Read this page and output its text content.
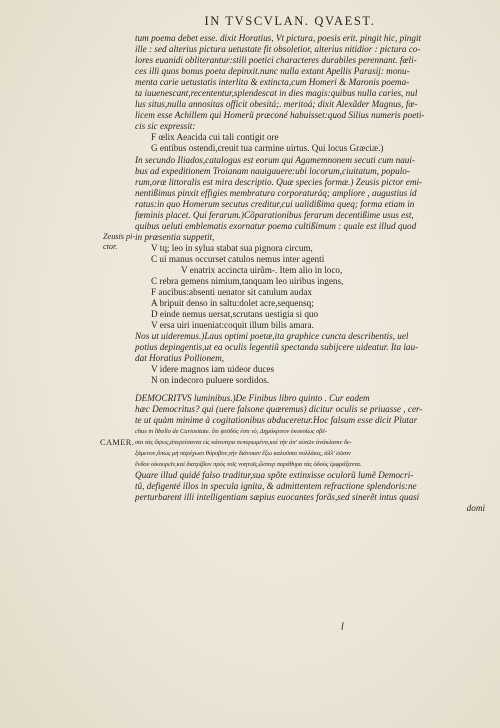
IN TVSCVLAN. QVAEST.
Zeusis pi-
ctor.
CAMER.
tum poema debet esse. dixit Horatius, Vt pictura, poesis erit. pingit hic, pingit
ille : sed alterius pictura uetustate fit obsoletior, alterius nitidior : pictura co-
lores euanidi obliterantur:stili poetici characteres durabiles perennant. fœli-
ces illi quos bonus poeta depinxit.nunc nulla extant Apellis Parasij: monu-
menta carie uetustatis interlita & extincta,cum Homeri & Maronis poema-
ta iuuenescant,recententur,splendescat in dies magis:quibus nulla caries, nul
lus situs,nulla annositas officit obesitá;. meritoá; dixit Alexãder Magnus, fœ-
licem esse Achillem qui Homerũ præconé habuisset:quod Silius numeris poeti-
cis sic expressit:
F œlix Aeacida cui tali contigit ore
G entibus ostendi,creuit tua carmine uirtus. Qui locus Græciæ.)
In secundo Iliados,catalogus est eorum qui Agamemnonem secuti cum naui-
bus ad expeditionem Troianam nauigauere:ubi locorum,ciuitatum, populo-
rum,oræ littoralis est mira descriptio. Quæ species formæ.) Zeusis pictor emi-
nentißimus pinxit effigies membratura corporaturáq; ampliore , augustius id
ratus:in quo Homerum secutus creditur,cui ualidißima queq; forma etiam in
fœminis placet. Qui ferarum.)Cõparationibus ferarum decentißime usus est,
quibus ueluti emblematis exornatur poema cultißimum : quale est illud quod
in præsentia suppetit,
V tq; leo in sylua stabat sua pignora circum,
C ui manus occurset catulos nemus inter agenti
V enatrix accincta uirũm-. Item alio in loco,
C rebra gemens nimium,tanquam leo uiribus ingens,
F aucibus:absenti uenator sit catulum audax
A bripuit denso in saltu:dolet acre,sequensq;
D einde nemus uersat,scrutans uestigia si quo
V ersa uiri inueniat:coquit illum bilis amara.
Nos ut uideremus.)Laus optimi poetæ,ita graphice cuncta describentis, uel
potius depingentis,ut ea oculis legentiũ spectanda subijcere uideatur. Ita lau-
dat Horatius Pollionem,
V idere magnos iam uideor duces
N on indecoro puluere sordidos.
DEMOCRITVS luminibus.)De Finibus libro quinto . Cur eadem
hæc Democritus? qui (uere falsone quæremus) dicitur oculis se priuasse , cer-
te ut quàm minime à cogitationibus abduceretur.Hoc falsum esse dicit Plutar
chus in libello de Curiositate. ὅτι ψεῦδός ἐστι τὸ, Δημόκριτον ἑκουσίως σβέ-
σαι τὰς ὄψεις,ἀπερείσαντα εἰς κάτοπτρα πεπυρωμένα,καὶ τὴν ἀπ' αὐτῶν ἀνάκλασιν δε-
ξάμενον,ὅπως μὴ παρέχωσι θόρυβον,τὴν διάνοιαν ἔξω καλοῦσαι πολλάκις, ἀλλ' ἐῶσιν
ἔνδον οἰκουρεῖν,καὶ διατρίβειν πρὸς τοῖς νοητοῖς,ὥσπερ παράθυρα τὰς ὁδοὺς ἐμφράξαντα.
Quare illud quidé falso traditur,sua spõte extinxisse oculorũ lumẽ Democri-
tũ, defigenté illos in specula ignita, & admittentem refractione splendoris:ne
perturbarent illi intelligentiam sæpius euocantes forãs,sed sinerẽt intus quasi
domi
